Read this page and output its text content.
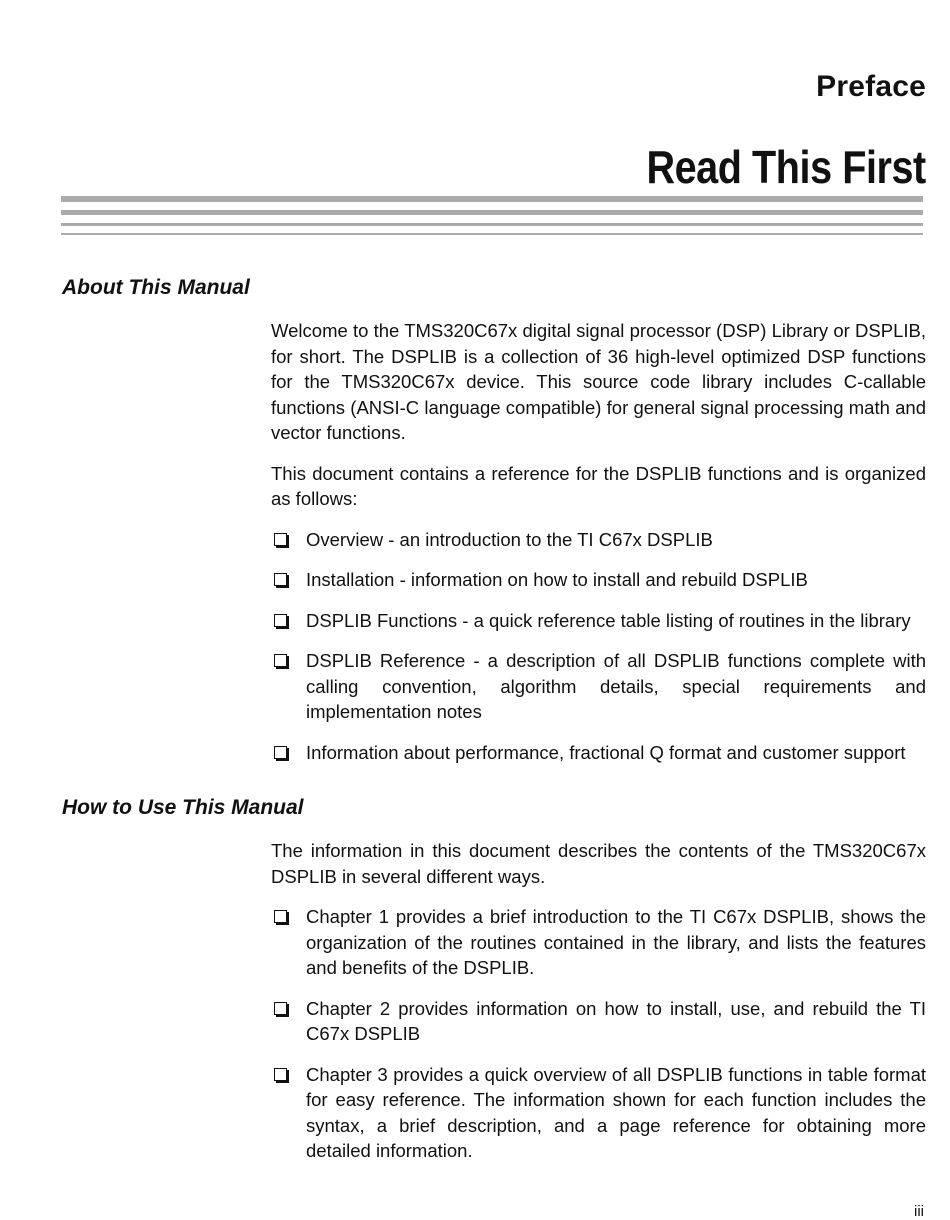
Preface
Read This First
About This Manual

Welcome to the TMS320C67x digital signal processor (DSP) Library or DSPLIB, for short. The DSPLIB is a collection of 36 high-level optimized DSP functions for the TMS320C67x device. This source code library includes C-callable functions (ANSI-C language compatible) for general signal processing math and vector functions.

This document contains a reference for the DSPLIB functions and is organized as follows:

Overview - an introduction to the TI C67x DSPLIB
Installation - information on how to install and rebuild DSPLIB
DSPLIB Functions - a quick reference table listing of routines in the library
DSPLIB Reference - a description of all DSPLIB functions complete with calling convention, algorithm details, special requirements and implementation notes
Information about performance, fractional Q format and customer support
How to Use This Manual

The information in this document describes the contents of the TMS320C67x DSPLIB in several different ways.

Chapter 1 provides a brief introduction to the TI C67x DSPLIB, shows the organization of the routines contained in the library, and lists the features and benefits of the DSPLIB.
Chapter 2 provides information on how to install, use, and rebuild the TI C67x DSPLIB
Chapter 3 provides a quick overview of all DSPLIB functions in table format for easy reference. The information shown for each function includes the syntax, a brief description, and a page reference for obtaining more detailed information.
iii
